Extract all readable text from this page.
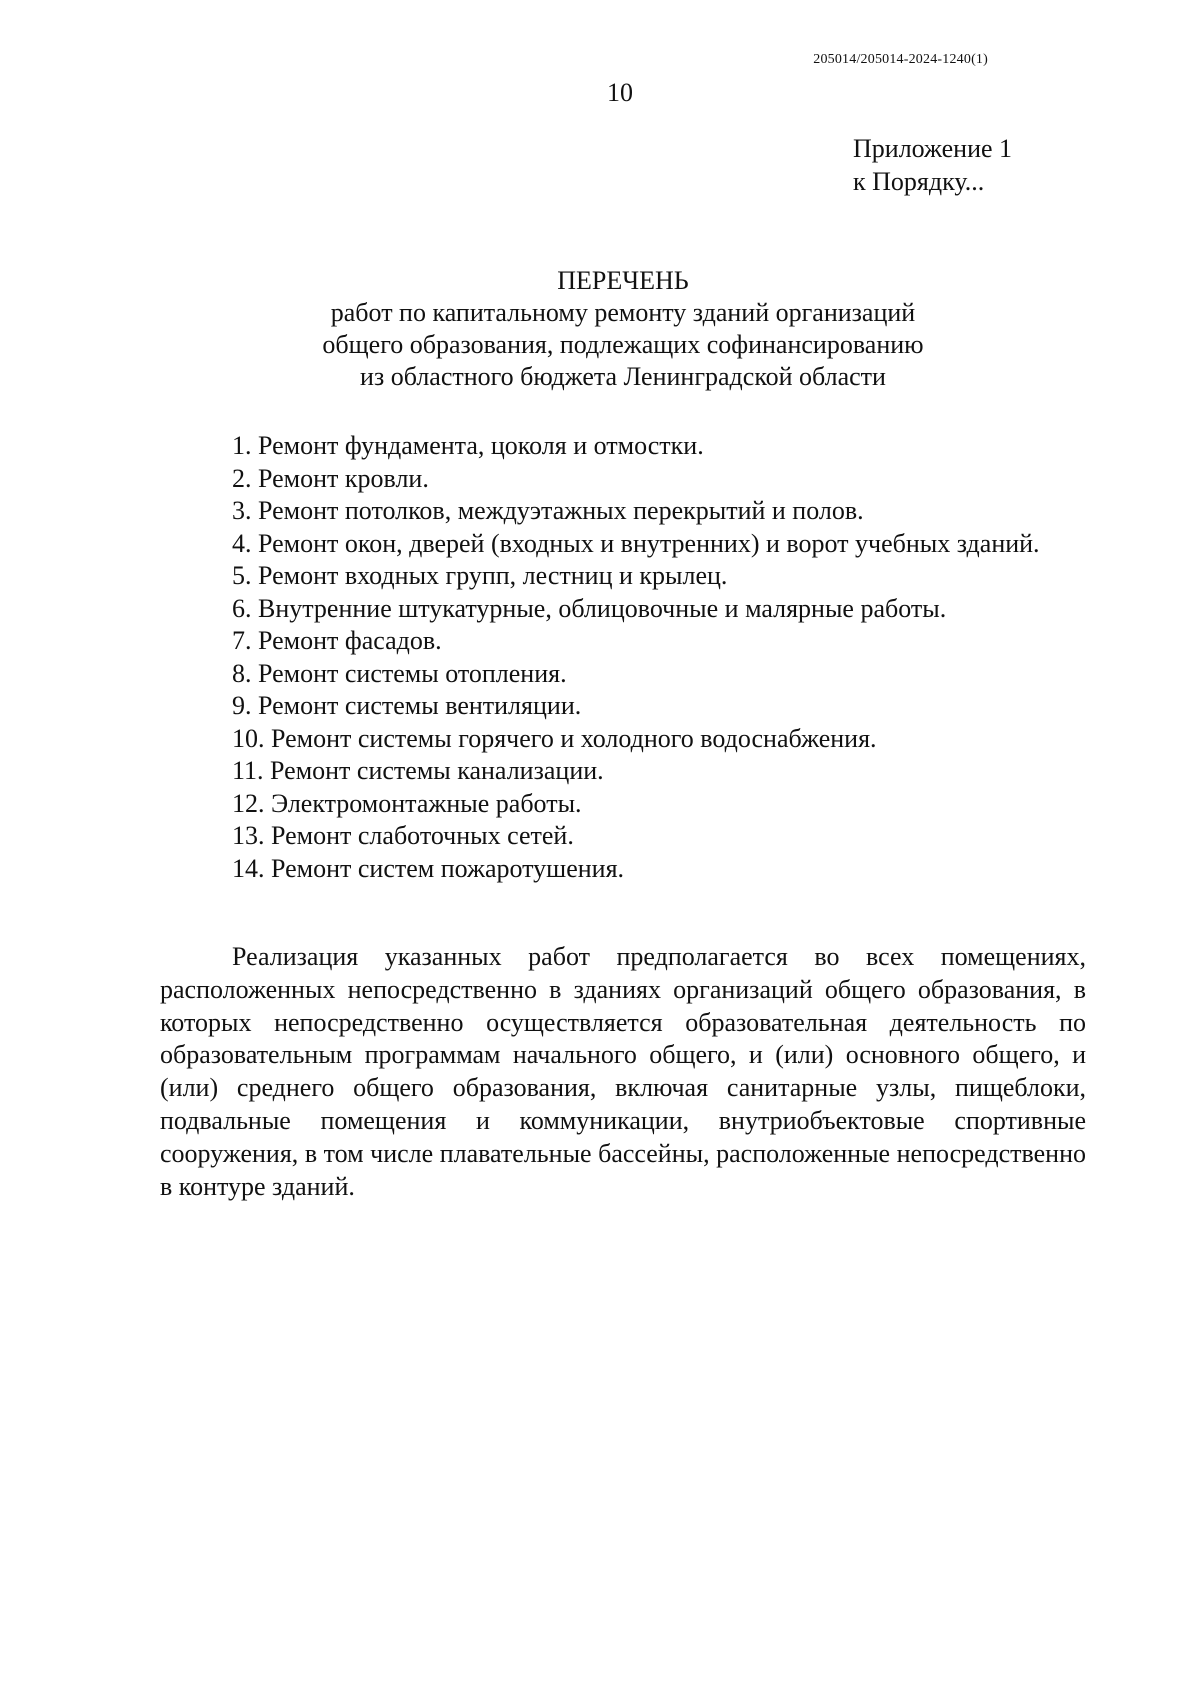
205014/205014-2024-1240(1)
10
Приложение 1
к Порядку...
ПЕРЕЧЕНЬ
работ по капитальному ремонту зданий организаций
общего образования, подлежащих софинансированию
из областного бюджета Ленинградской области

1. Ремонт фундамента, цоколя и отмостки.

2. Ремонт кровли.

3. Ремонт потолков, междуэтажных перекрытий и полов.

4. Ремонт окон, дверей (входных и внутренних) и ворот учебных зданий.

5. Ремонт входных групп, лестниц и крылец.

6. Внутренние штукатурные, облицовочные и малярные работы.

7. Ремонт фасадов.

8. Ремонт системы отопления.

9. Ремонт системы вентиляции.

10. Ремонт системы горячего и холодного водоснабжения.

11. Ремонт системы канализации.

12. Электромонтажные работы.

13. Ремонт слаботочных сетей.

14. Ремонт систем пожаротушения.

Реализация указанных работ предполагается во всех помещениях, расположенных непосредственно в зданиях организаций общего образования, в которых непосредственно осуществляется образовательная деятельность по образовательным программам начального общего, и (или) основного общего, и (или) среднего общего образования, включая санитарные узлы, пищеблоки, подвальные помещения и коммуникации, внутриобъектовые спортивные сооружения, в том числе плавательные бассейны, расположенные непосредственно в контуре зданий.
